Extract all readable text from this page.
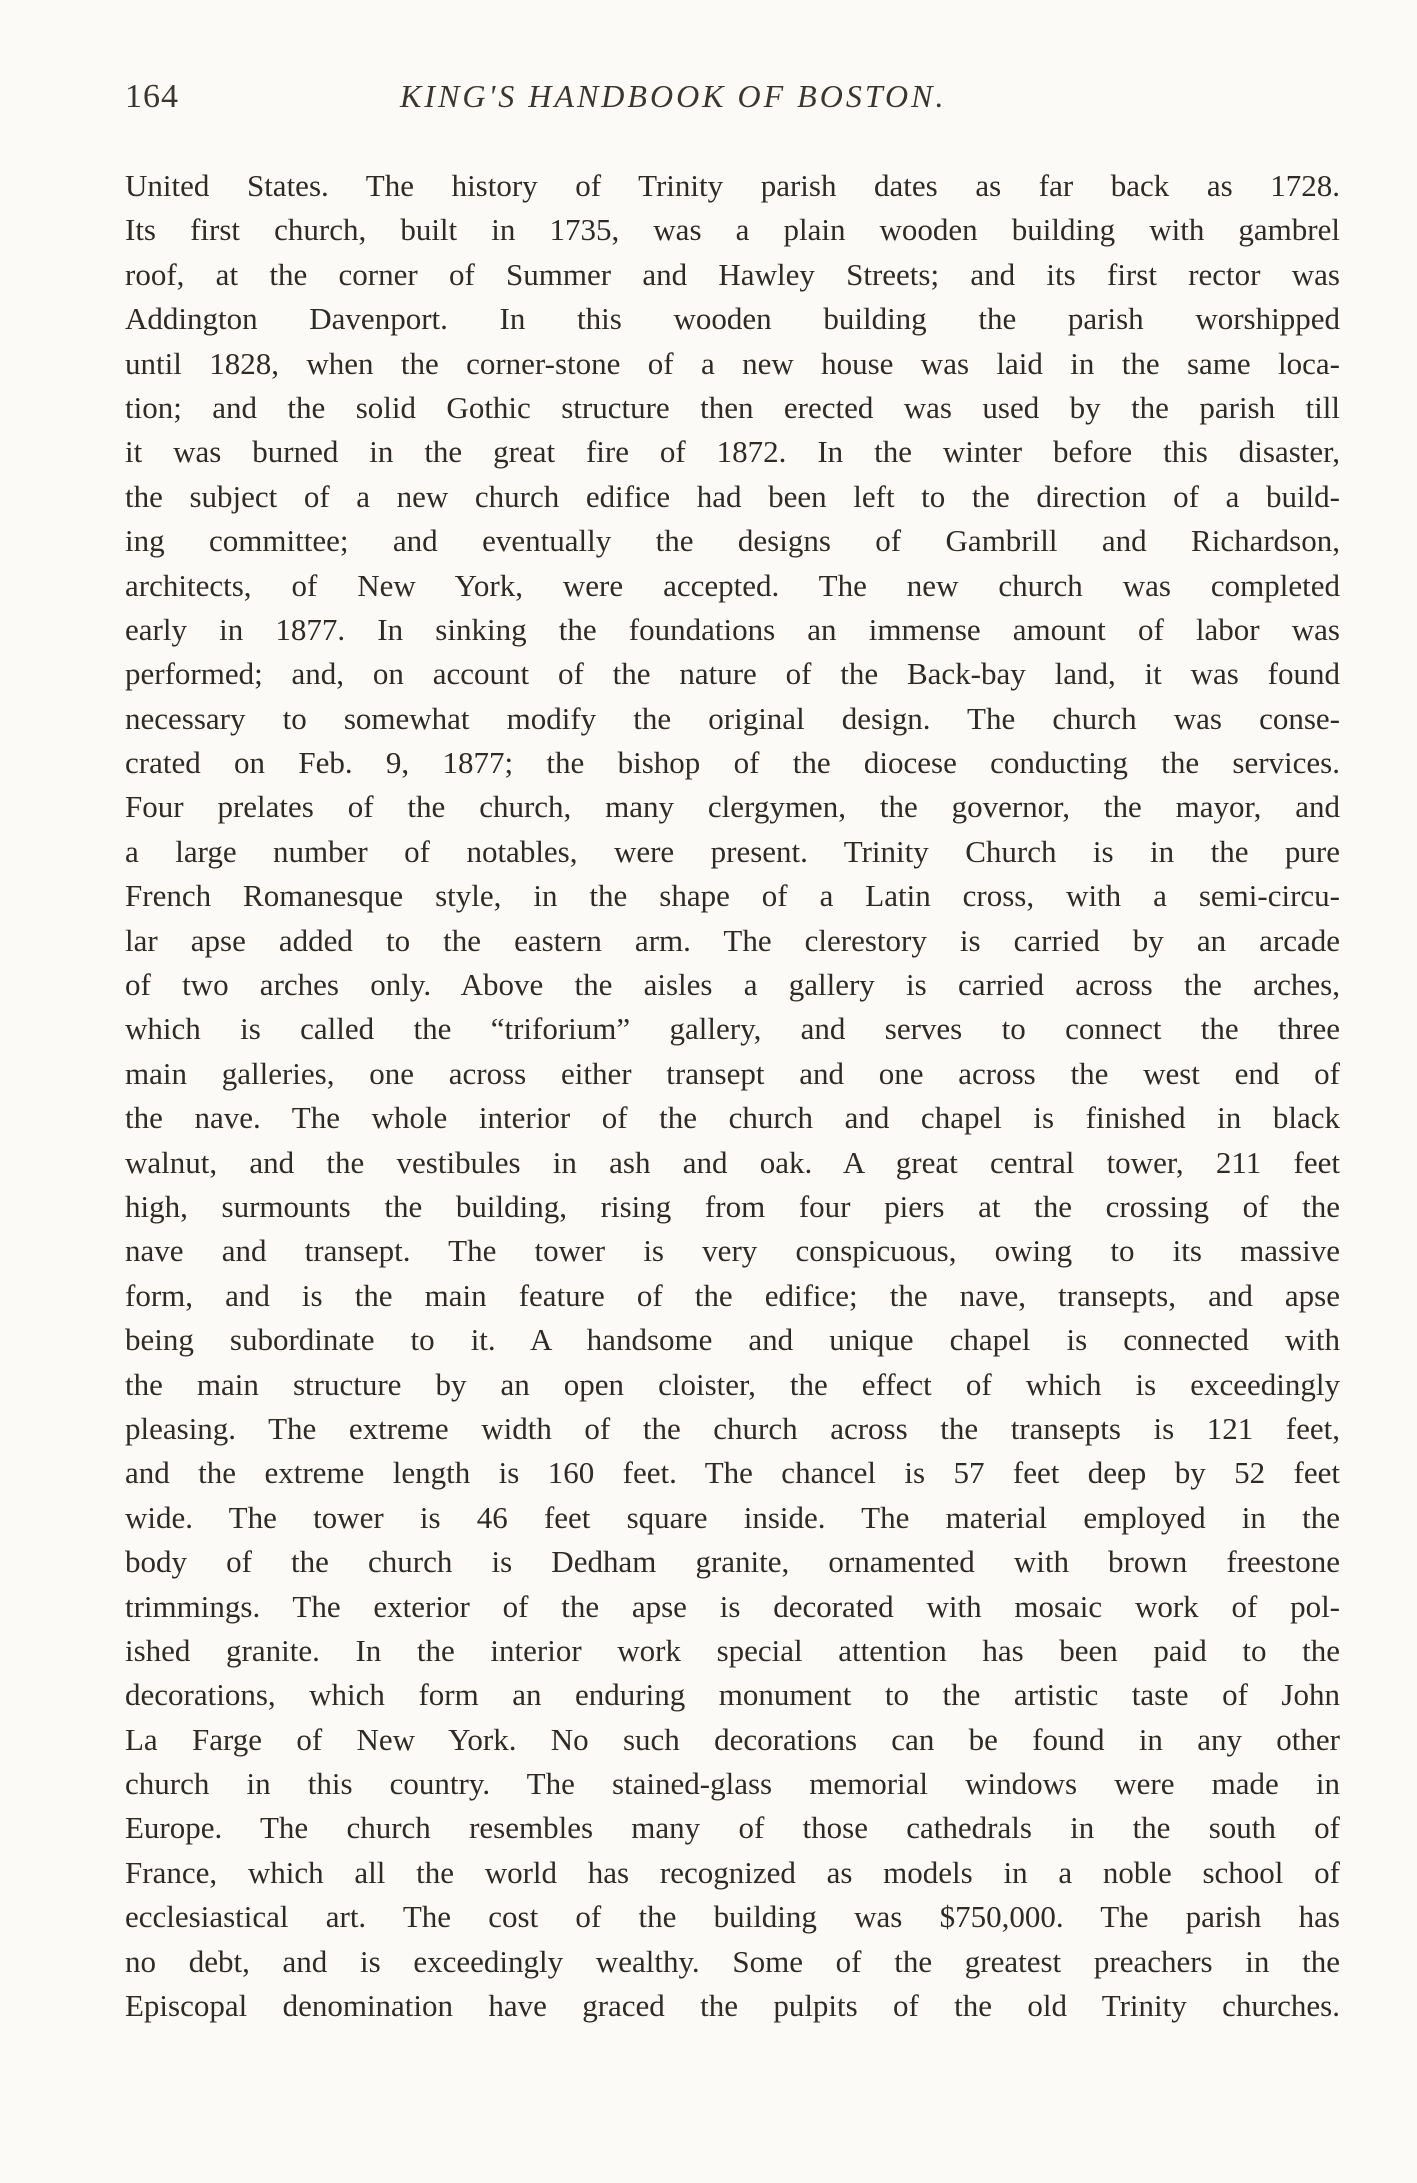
164	KING'S HANDBOOK OF BOSTON.
United States. The history of Trinity parish dates as far back as 1728.
Its first church, built in 1735, was a plain wooden building with gambrel
roof, at the corner of Summer and Hawley Streets; and its first rector was
Addington Davenport. In this wooden building the parish worshipped
until 1828, when the corner-stone of a new house was laid in the same loca-
tion; and the solid Gothic structure then erected was used by the parish till
it was burned in the great fire of 1872. In the winter before this disaster,
the subject of a new church edifice had been left to the direction of a build-
ing committee; and eventually the designs of Gambrill and Richardson,
architects, of New York, were accepted. The new church was completed
early in 1877. In sinking the foundations an immense amount of labor was
performed; and, on account of the nature of the Back-bay land, it was found
necessary to somewhat modify the original design. The church was conse-
crated on Feb. 9, 1877; the bishop of the diocese conducting the services.
Four prelates of the church, many clergymen, the governor, the mayor, and
a large number of notables, were present. Trinity Church is in the pure
French Romanesque style, in the shape of a Latin cross, with a semi-circu-
lar apse added to the eastern arm. The clerestory is carried by an arcade
of two arches only. Above the aisles a gallery is carried across the arches,
which is called the “triforium” gallery, and serves to connect the three
main galleries, one across either transept and one across the west end of
the nave. The whole interior of the church and chapel is finished in black
walnut, and the vestibules in ash and oak. A great central tower, 211 feet
high, surmounts the building, rising from four piers at the crossing of the
nave and transept. The tower is very conspicuous, owing to its massive
form, and is the main feature of the edifice; the nave, transepts, and apse
being subordinate to it. A handsome and unique chapel is connected with
the main structure by an open cloister, the effect of which is exceedingly
pleasing. The extreme width of the church across the transepts is 121 feet,
and the extreme length is 160 feet. The chancel is 57 feet deep by 52 feet
wide. The tower is 46 feet square inside. The material employed in the
body of the church is Dedham granite, ornamented with brown freestone
trimmings. The exterior of the apse is decorated with mosaic work of pol-
ished granite. In the interior work special attention has been paid to the
decorations, which form an enduring monument to the artistic taste of John
La Farge of New York. No such decorations can be found in any other
church in this country. The stained-glass memorial windows were made in
Europe. The church resembles many of those cathedrals in the south of
France, which all the world has recognized as models in a noble school of
ecclesiastical art. The cost of the building was $750,000. The parish has
no debt, and is exceedingly wealthy. Some of the greatest preachers in the
Episcopal denomination have graced the pulpits of the old Trinity churches.
